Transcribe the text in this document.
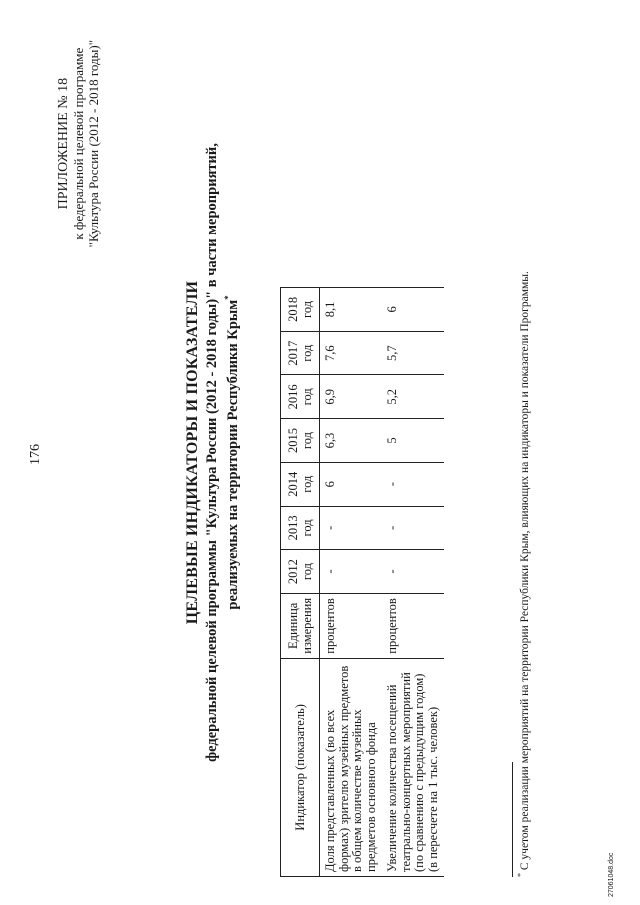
176
ПРИЛОЖЕНИЕ № 18 к федеральной целевой программе "Культура России (2012 - 2018 годы)"
ЦЕЛЕВЫЕ ИНДИКАТОРЫ И ПОКАЗАТЕЛИ федеральной целевой программы "Культура России (2012 - 2018 годы)" в части мероприятий, реализуемых на территории Республики Крым*
Индикатор (показатель)	Единица измерения	2012 год	2013 год	2014 год	2015 год	2016 год	2017 год	2018 год
Доля представленных (во всех формах) зрителю музейных предметов в общем количестве музейных предметов основного фонда	процентов	-	-	6	6,3	6,9	7,6	8,1
Увеличение количества посещений театрально-концертных мероприятий (по сравнению с предыдущим годом) (в пересчете на 1 тыс. человек)	процентов	-	-	-	5	5,2	5,7	6
* С учетом реализации мероприятий на территории Республики Крым, влияющих на индикаторы и показатели Программы.
27061048.doc
